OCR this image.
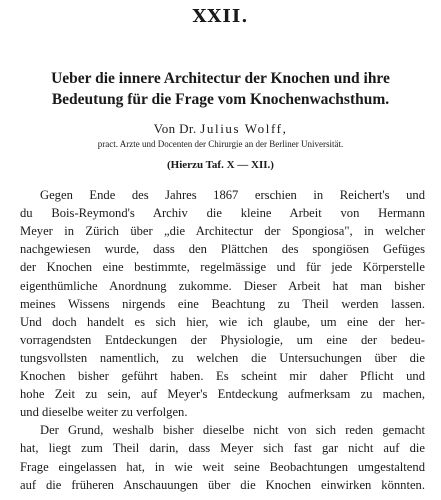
XXII.
Ueber die innere Architectur der Knochen und ihre
Bedeutung für die Frage vom Knochenwachsthum.
Von Dr. Julius Wolff,
pract. Arzte und Docenten der Chirurgie an der Berliner Universität.
(Hierzu Taf. X — XII.)
Gegen Ende des Jahres 1867 erschien in Reichert's und
du Bois-Reymond's Archiv die kleine Arbeit von Hermann
Meyer in Zürich über „die Architectur der Spongiosa", in welcher
nachgewiesen wurde, dass den Plättchen des spongiösen Gefüges
der Knochen eine bestimmte, regelmässige und für jede Körperstelle
eigenthümliche Anordnung zukomme. Dieser Arbeit hat man bisher
meines Wissens nirgends eine Beachtung zu Theil werden lassen.
Und doch handelt es sich hier, wie ich glaube, um eine der her-
vorragendsten Entdeckungen der Physiologie, um eine der bedeu-
tungsvollsten namentlich, zu welchen die Untersuchungen über die
Knochen bisher geführt haben. Es scheint mir daher Pflicht und
hohe Zeit zu sein, auf Meyer's Entdeckung aufmerksam zu machen,
und dieselbe weiter zu verfolgen.
Der Grund, weshalb bisher dieselbe nicht von sich reden gemacht
hat, liegt zum Theil darin, dass Meyer sich fast gar nicht auf die
Frage eingelassen hat, in wie weit seine Beobachtungen umgestaltend
auf die früheren Anschauungen über die Knochen einwirken könnten.
